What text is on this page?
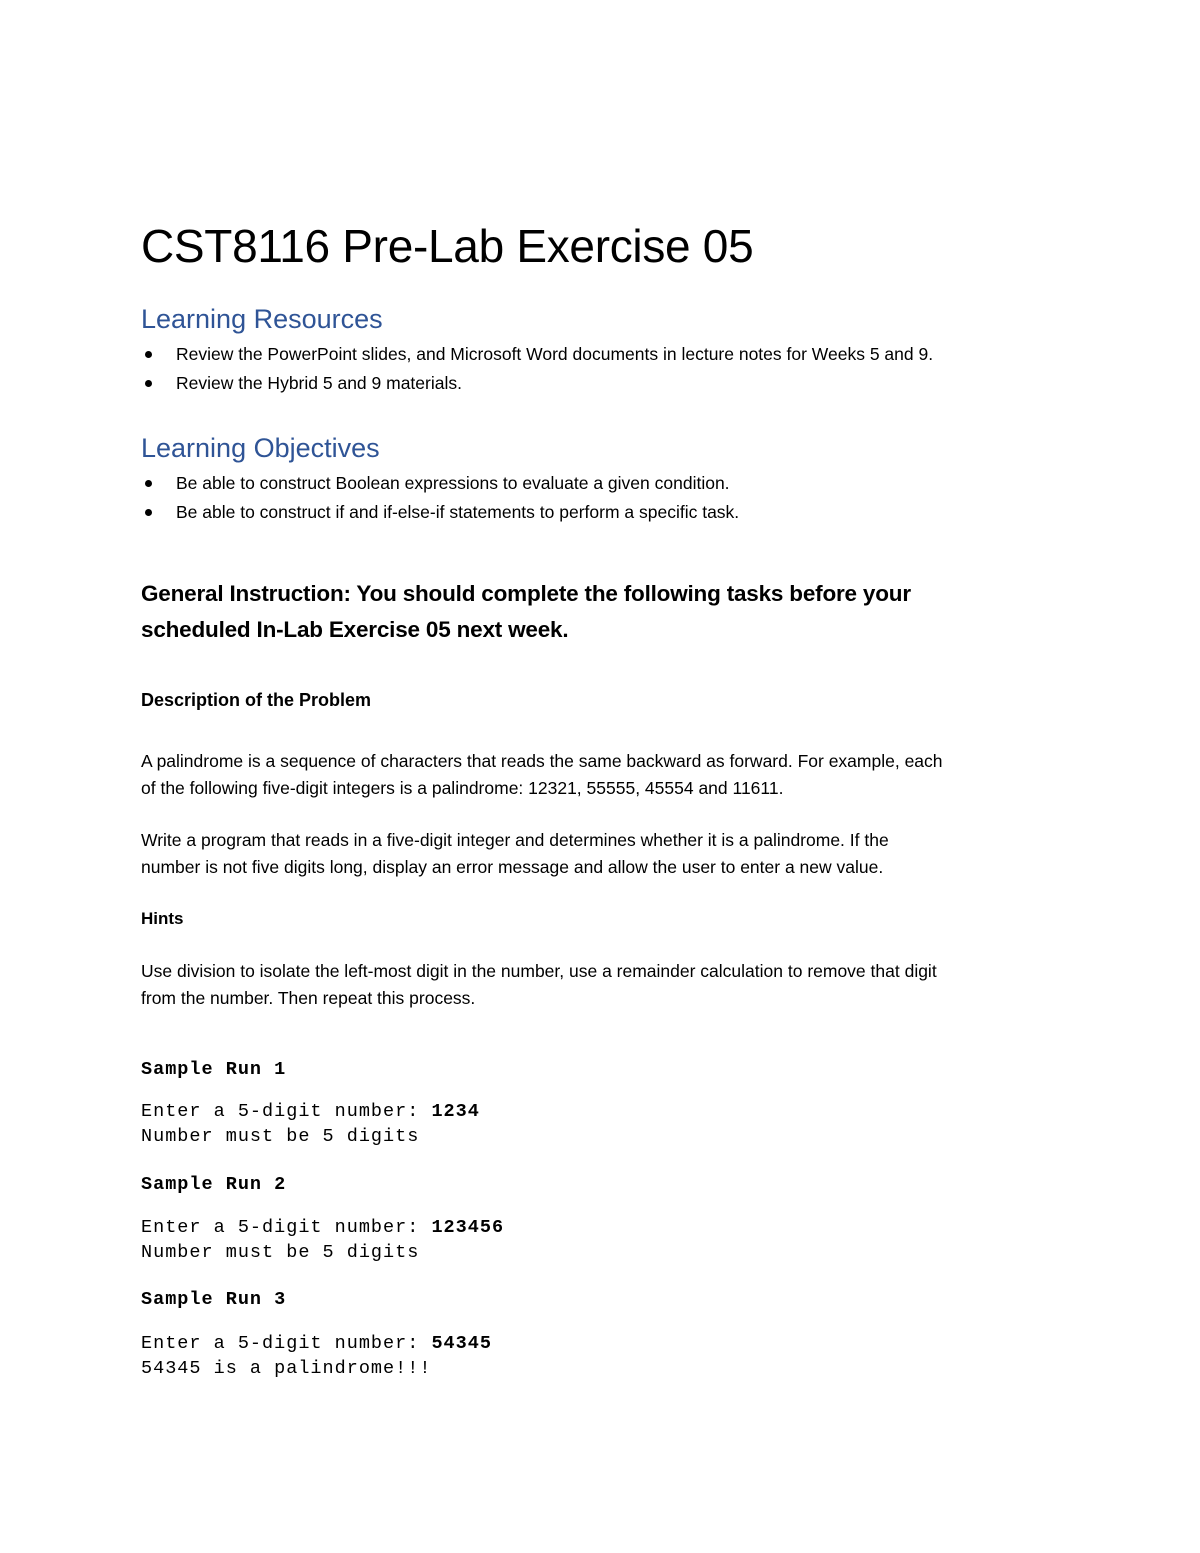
CST8116 Pre-Lab Exercise 05
Learning Resources
Review the PowerPoint slides, and Microsoft Word documents in lecture notes for Weeks 5 and 9.
Review the Hybrid 5 and 9 materials.
Learning Objectives
Be able to construct Boolean expressions to evaluate a given condition.
Be able to construct if and if-else-if statements to perform a specific task.
General Instruction: You should complete the following tasks before your
scheduled In-Lab Exercise 05 next week.
Description of the Problem
A palindrome is a sequence of characters that reads the same backward as forward. For example, each
of the following five-digit integers is a palindrome: 12321, 55555, 45554 and 11611.
Write a program that reads in a five-digit integer and determines whether it is a palindrome. If the
number is not five digits long, display an error message and allow the user to enter a new value.
Hints
Use division to isolate the left-most digit in the number, use a remainder calculation to remove that digit
from the number. Then repeat this process.
Sample Run 1
Enter a 5-digit number: 1234
Number must be 5 digits
Sample Run 2
Enter a 5-digit number: 123456
Number must be 5 digits
Sample Run 3
Enter a 5-digit number: 54345
54345 is a palindrome!!!
